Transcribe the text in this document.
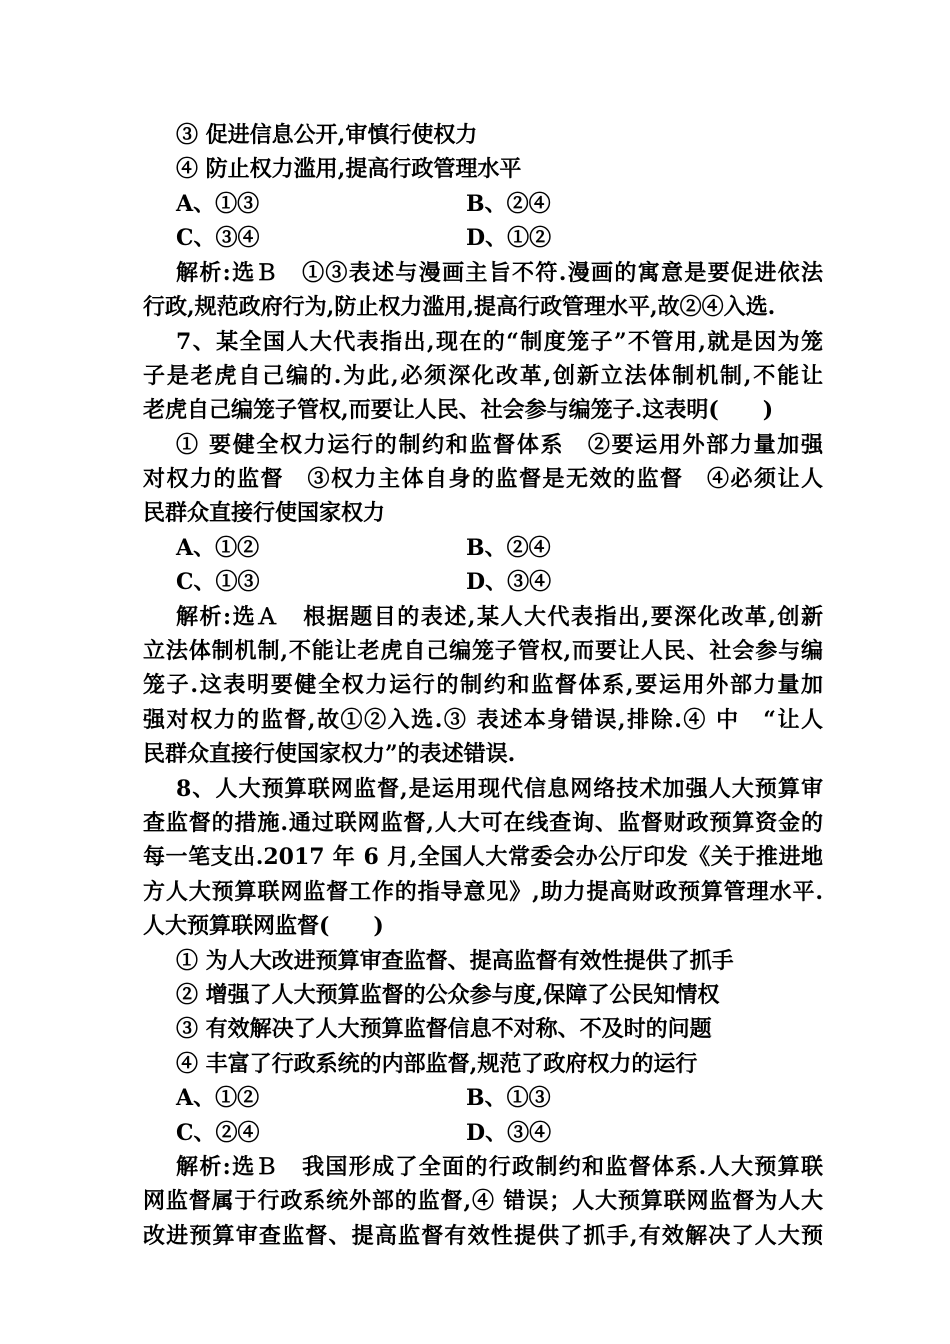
③ 促进信息公开,审慎行使权力
④ 防止权力滥用,提高行政管理水平
A、①③	B、②④
C、③④	D、①②
解析:选Ｂ　①③表述与漫画主旨不符.漫画的寓意是要促进依法
行政,规范政府行为,防止权力滥用,提高行政管理水平,故②④入选.
7、某全国人大代表指出,现在的“制度笼子”不管用,就是因为笼
子是老虎自己编的.为此,必须深化改革,创新立法体制机制,不能让
老虎自己编笼子管权,而要让人民、社会参与编笼子.这表明(　　)
① 要健全权力运行的制约和监督体系　②要运用外部力量加强
对权力的监督　③权力主体自身的监督是无效的监督　④必须让人
民群众直接行使国家权力
A、①②	B、②④
C、①③	D、③④
解析:选Ａ　根据题目的表述,某人大代表指出,要深化改革,创新
立法体制机制,不能让老虎自己编笼子管权,而要让人民、社会参与编
笼子.这表明要健全权力运行的制约和监督体系,要运用外部力量加
强对权力的监督,故①②入选.③ 表述本身错误,排除.④ 中　“让人
民群众直接行使国家权力”的表述错误.
8、人大预算联网监督,是运用现代信息网络技术加强人大预算审
查监督的措施.通过联网监督,人大可在线查询、监督财政预算资金的
每一笔支出.2017 年 6 月,全国人大常委会办公厅印发《关于推进地
方人大预算联网监督工作的指导意见》,助力提高财政预算管理水平.
人大预算联网监督(　　)
① 为人大改进预算审查监督、提高监督有效性提供了抓手
② 增强了人大预算监督的公众参与度,保障了公民知情权
③ 有效解决了人大预算监督信息不对称、不及时的问题
④ 丰富了行政系统的内部监督,规范了政府权力的运行
A、①②	B、①③
C、②④	D、③④
解析:选Ｂ　我国形成了全面的行政制约和监督体系.人大预算联
网监督属于行政系统外部的监督,④ 错误；人大预算联网监督为人大
改进预算审查监督、提高监督有效性提供了抓手,有效解决了人大预
